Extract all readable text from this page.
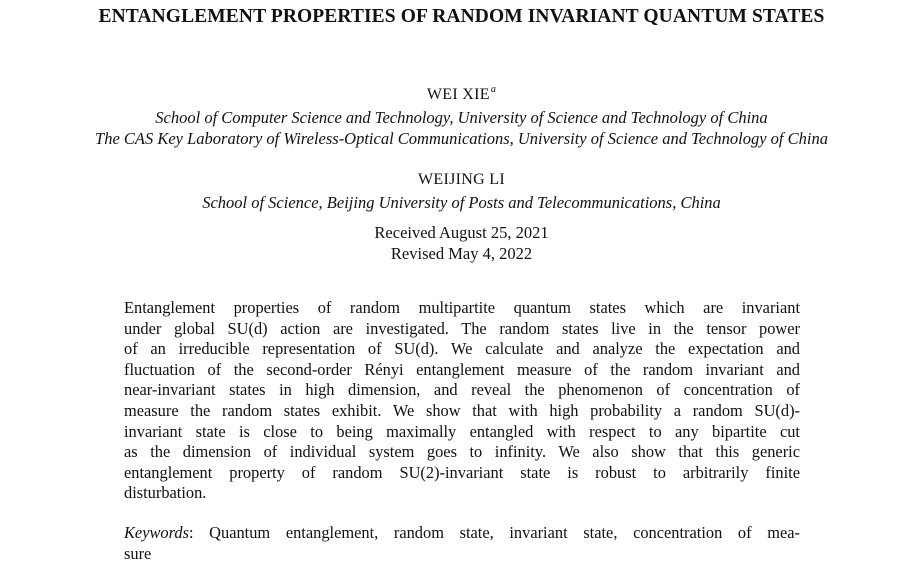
ENTANGLEMENT PROPERTIES OF RANDOM INVARIANT QUANTUM STATES
WEI XIE$^a$
School of Computer Science and Technology, University of Science and Technology of China
The CAS Key Laboratory of Wireless-Optical Communications, University of Science and Technology of China
WEIJING LI
School of Science, Beijing University of Posts and Telecommunications, China
Received August 25, 2021
Revised May 4, 2022
Entanglement properties of random multipartite quantum states which are invariant
under global SU(d) action are investigated. The random states live in the tensor power
of an irreducible representation of SU(d). We calculate and analyze the expectation and
fluctuation of the second-order Rényi entanglement measure of the random invariant and
near-invariant states in high dimension, and reveal the phenomenon of concentration of
measure the random states exhibit. We show that with high probability a random SU(d)-
invariant state is close to being maximally entangled with respect to any bipartite cut
as the dimension of individual system goes to infinity. We also show that this generic
entanglement property of random SU(2)-invariant state is robust to arbitrarily finite
disturbation.
Keywords: Quantum entanglement, random state, invariant state, concentration of mea-
sure
